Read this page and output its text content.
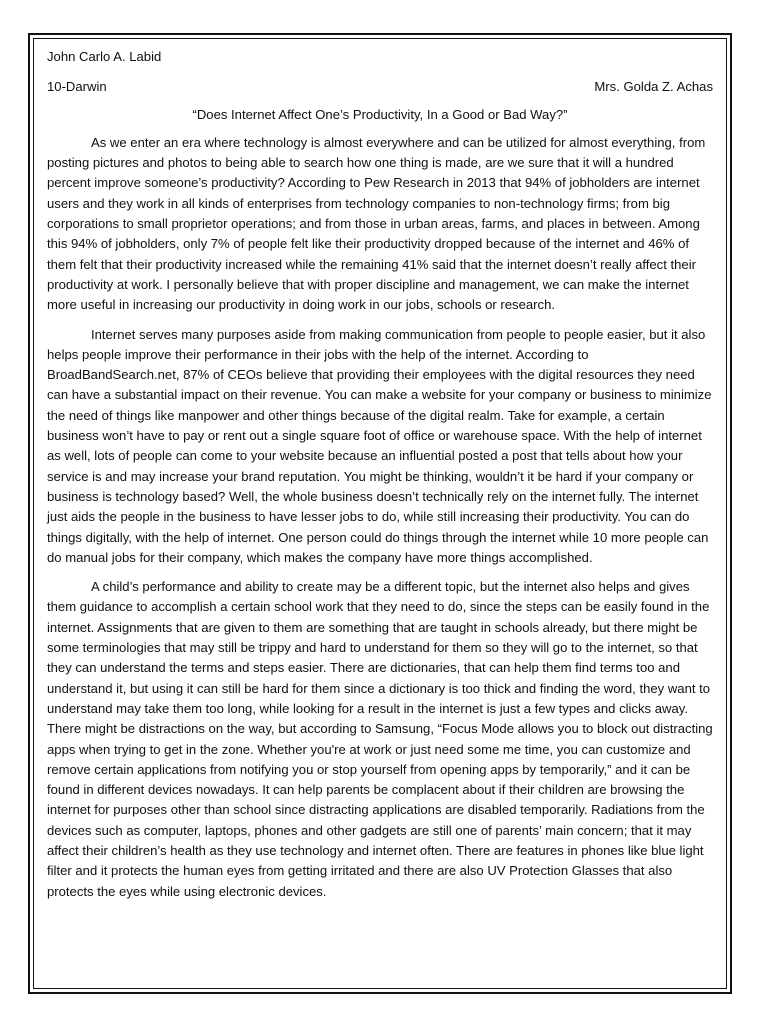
John Carlo A. Labid
10-Darwin	Mrs. Golda Z. Achas
“Does Internet Affect One’s Productivity, In a Good or Bad Way?”

As we enter an era where technology is almost everywhere and can be utilized for almost everything, from posting pictures and photos to being able to search how one thing is made, are we sure that it will a hundred percent improve someone’s productivity? According to Pew Research in 2013 that 94% of jobholders are internet users and they work in all kinds of enterprises from technology companies to non-technology firms; from big corporations to small proprietor operations; and from those in urban areas, farms, and places in between. Among this 94% of jobholders, only 7% of people felt like their productivity dropped because of the internet and 46% of them felt that their productivity increased while the remaining 41% said that the internet doesn’t really affect their productivity at work. I personally believe that with proper discipline and management, we can make the internet more useful in increasing our productivity in doing work in our jobs, schools or research.

Internet serves many purposes aside from making communication from people to people easier, but it also helps people improve their performance in their jobs with the help of the internet. According to BroadBandSearch.net, 87% of CEOs believe that providing their employees with the digital resources they need can have a substantial impact on their revenue. You can make a website for your company or business to minimize the need of things like manpower and other things because of the digital realm. Take for example, a certain business won’t have to pay or rent out a single square foot of office or warehouse space. With the help of internet as well, lots of people can come to your website because an influential posted a post that tells about how your service is and may increase your brand reputation. You might be thinking, wouldn’t it be hard if your company or business is technology based? Well, the whole business doesn’t technically rely on the internet fully. The internet just aids the people in the business to have lesser jobs to do, while still increasing their productivity. You can do things digitally, with the help of internet. One person could do things through the internet while 10 more people can do manual jobs for their company, which makes the company have more things accomplished.

A child’s performance and ability to create may be a different topic, but the internet also helps and gives them guidance to accomplish a certain school work that they need to do, since the steps can be easily found in the internet. Assignments that are given to them are something that are taught in schools already, but there might be some terminologies that may still be trippy and hard to understand for them so they will go to the internet, so that they can understand the terms and steps easier. There are dictionaries, that can help them find terms too and understand it, but using it can still be hard for them since a dictionary is too thick and finding the word, they want to understand may take them too long, while looking for a result in the internet is just a few types and clicks away. There might be distractions on the way, but according to Samsung, “Focus Mode allows you to block out distracting apps when trying to get in the zone. Whether you're at work or just need some me time, you can customize and remove certain applications from notifying you or stop yourself from opening apps by temporarily,” and it can be found in different devices nowadays. It can help parents be complacent about if their children are browsing the internet for purposes other than school since distracting applications are disabled temporarily. Radiations from the devices such as computer, laptops, phones and other gadgets are still one of parents’ main concern; that it may affect their children’s health as they use technology and internet often. There are features in phones like blue light filter and it protects the human eyes from getting irritated and there are also UV Protection Glasses that also protects the eyes while using electronic devices.
